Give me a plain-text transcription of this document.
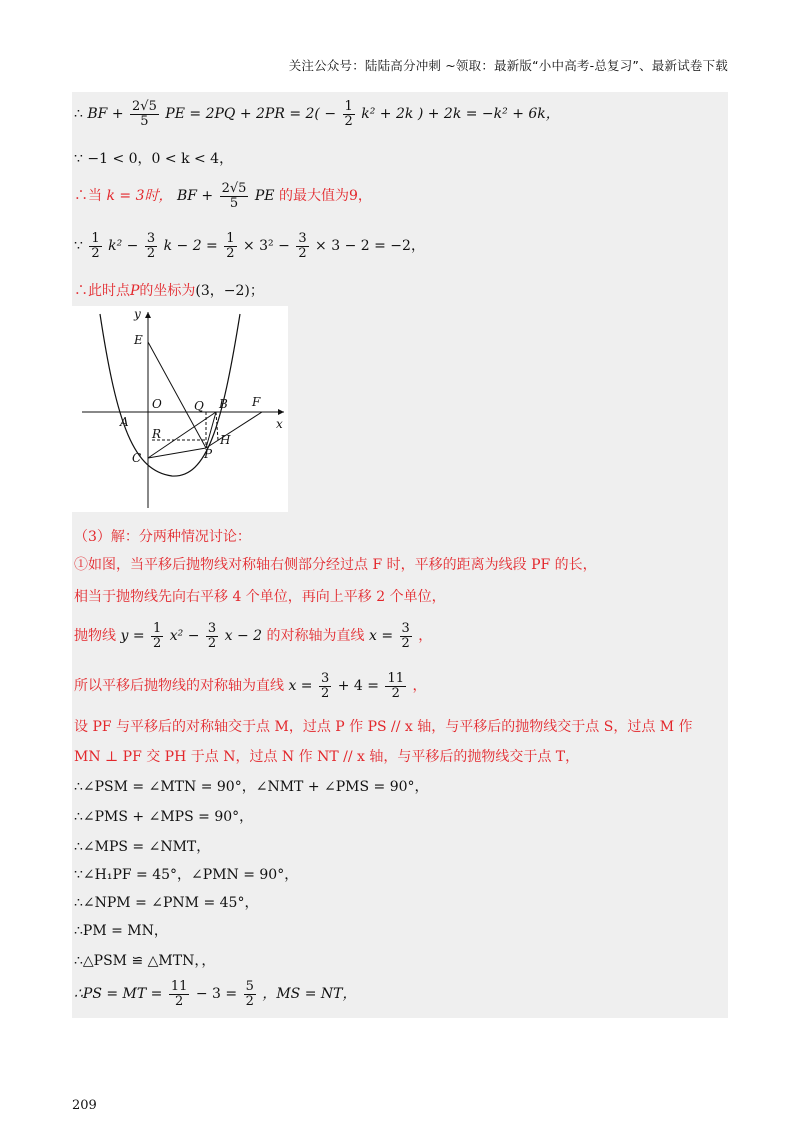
关注公众号：陆陆高分冲刺 ~领取：最新版“小中高考-总复习”、最新试卷下载
∴ BF + $\frac{2√5}{5}$ PE = $2PQ + 2PR = 2( - \frac{1}{2} k^2 + 2k$ ) + 2k = −k² + 6k，
∵ −1 < 0，0 < k < 4，
∴当 k = 3时， BF + $\frac{2√5}{5}$ PE 的最大值为9，
∵ $\frac{1}{2} k^2 - \frac{3}{2}$ $k - 2 = \frac{1}{2} \times 3^2 - \frac{3}{2} \times 3 - 2 = -2$，
∴此时点P的坐标为(3，−2)；
y
E
O	Q B F
A	x
R	H
C	P
（3）解：分两种情况讨论：
①如图，当平移后抛物线对称轴右侧部分经过点 F 时，平移的距离为线段 PF 的长，
相当于抛物线先向右平移 4 个单位，再向上平移 2 个单位，
抛物线 $y = \frac{1}{2} x^2 - \frac{3}{2}$ x − 2 的对称轴为直线 $x = \frac{3}{2}$ ，
所以平移后抛物线的对称轴为直线 $x = \frac{3}{2} + 4 = \frac{11}{2}$ ，
设 PF 与平移后的对称轴交于点 M，过点 P 作 PS // x 轴，与平移后的抛物线交于点 S，过点 M 作
MN ⊥ PF 交 PH 于点 N，过点 N 作 NT // x 轴，与平移后的抛物线交于点 T，
∴∠PSM = ∠MTN = 90°，∠NMT + ∠PMS = 90°，
∴∠PMS + ∠MPS = 90°，
∴∠MPS = ∠NMT，
∵∠H₁PF = 45°，∠PMN = 90°，
∴∠NPM = ∠PNM = 45°，
∴PM = MN，
∴△PSM ≌ △MTN，，
∴PS = MT = $\frac{11}{2} - 3 = \frac{5}{2}$ ，MS = NT，
209
